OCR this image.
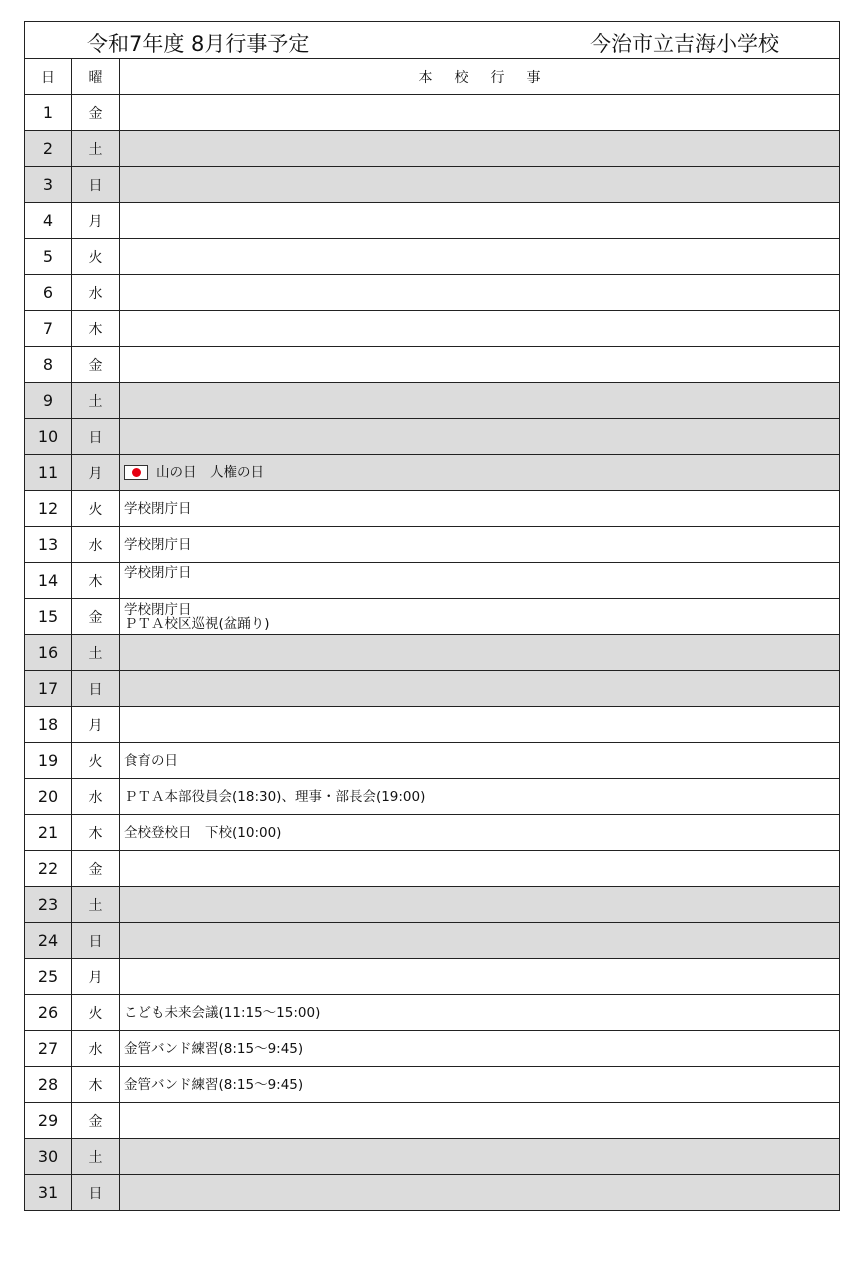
令和7年度 8月行事予定 今治市立吉海小学校		

日	曜	本校行事
1	金	
2	土	
3	日	
4	月	
5	火	
6	水	
7	木	
8	金	
9	土	
10	日	
11	月	山の日　人権の日
12	火	学校閉庁日
13	水	学校閉庁日
14	木	学校閉庁日
15	金	学校閉庁日
ＰＴＡ校区巡視(盆踊り)

16	土	
17	日	
18	月	
19	火	食育の日
20	水	ＰＴＡ本部役員会(18:30)、理事・部長会(19:00)
21	木	全校登校日　下校(10:00)
22	金	
23	土	
24	日	
25	月	
26	火	こども未来会議(11:15～15:00)
27	水	金管バンド練習(8:15～9:45)
28	木	金管バンド練習(8:15～9:45)
29	金	
30	土	
31	日	
